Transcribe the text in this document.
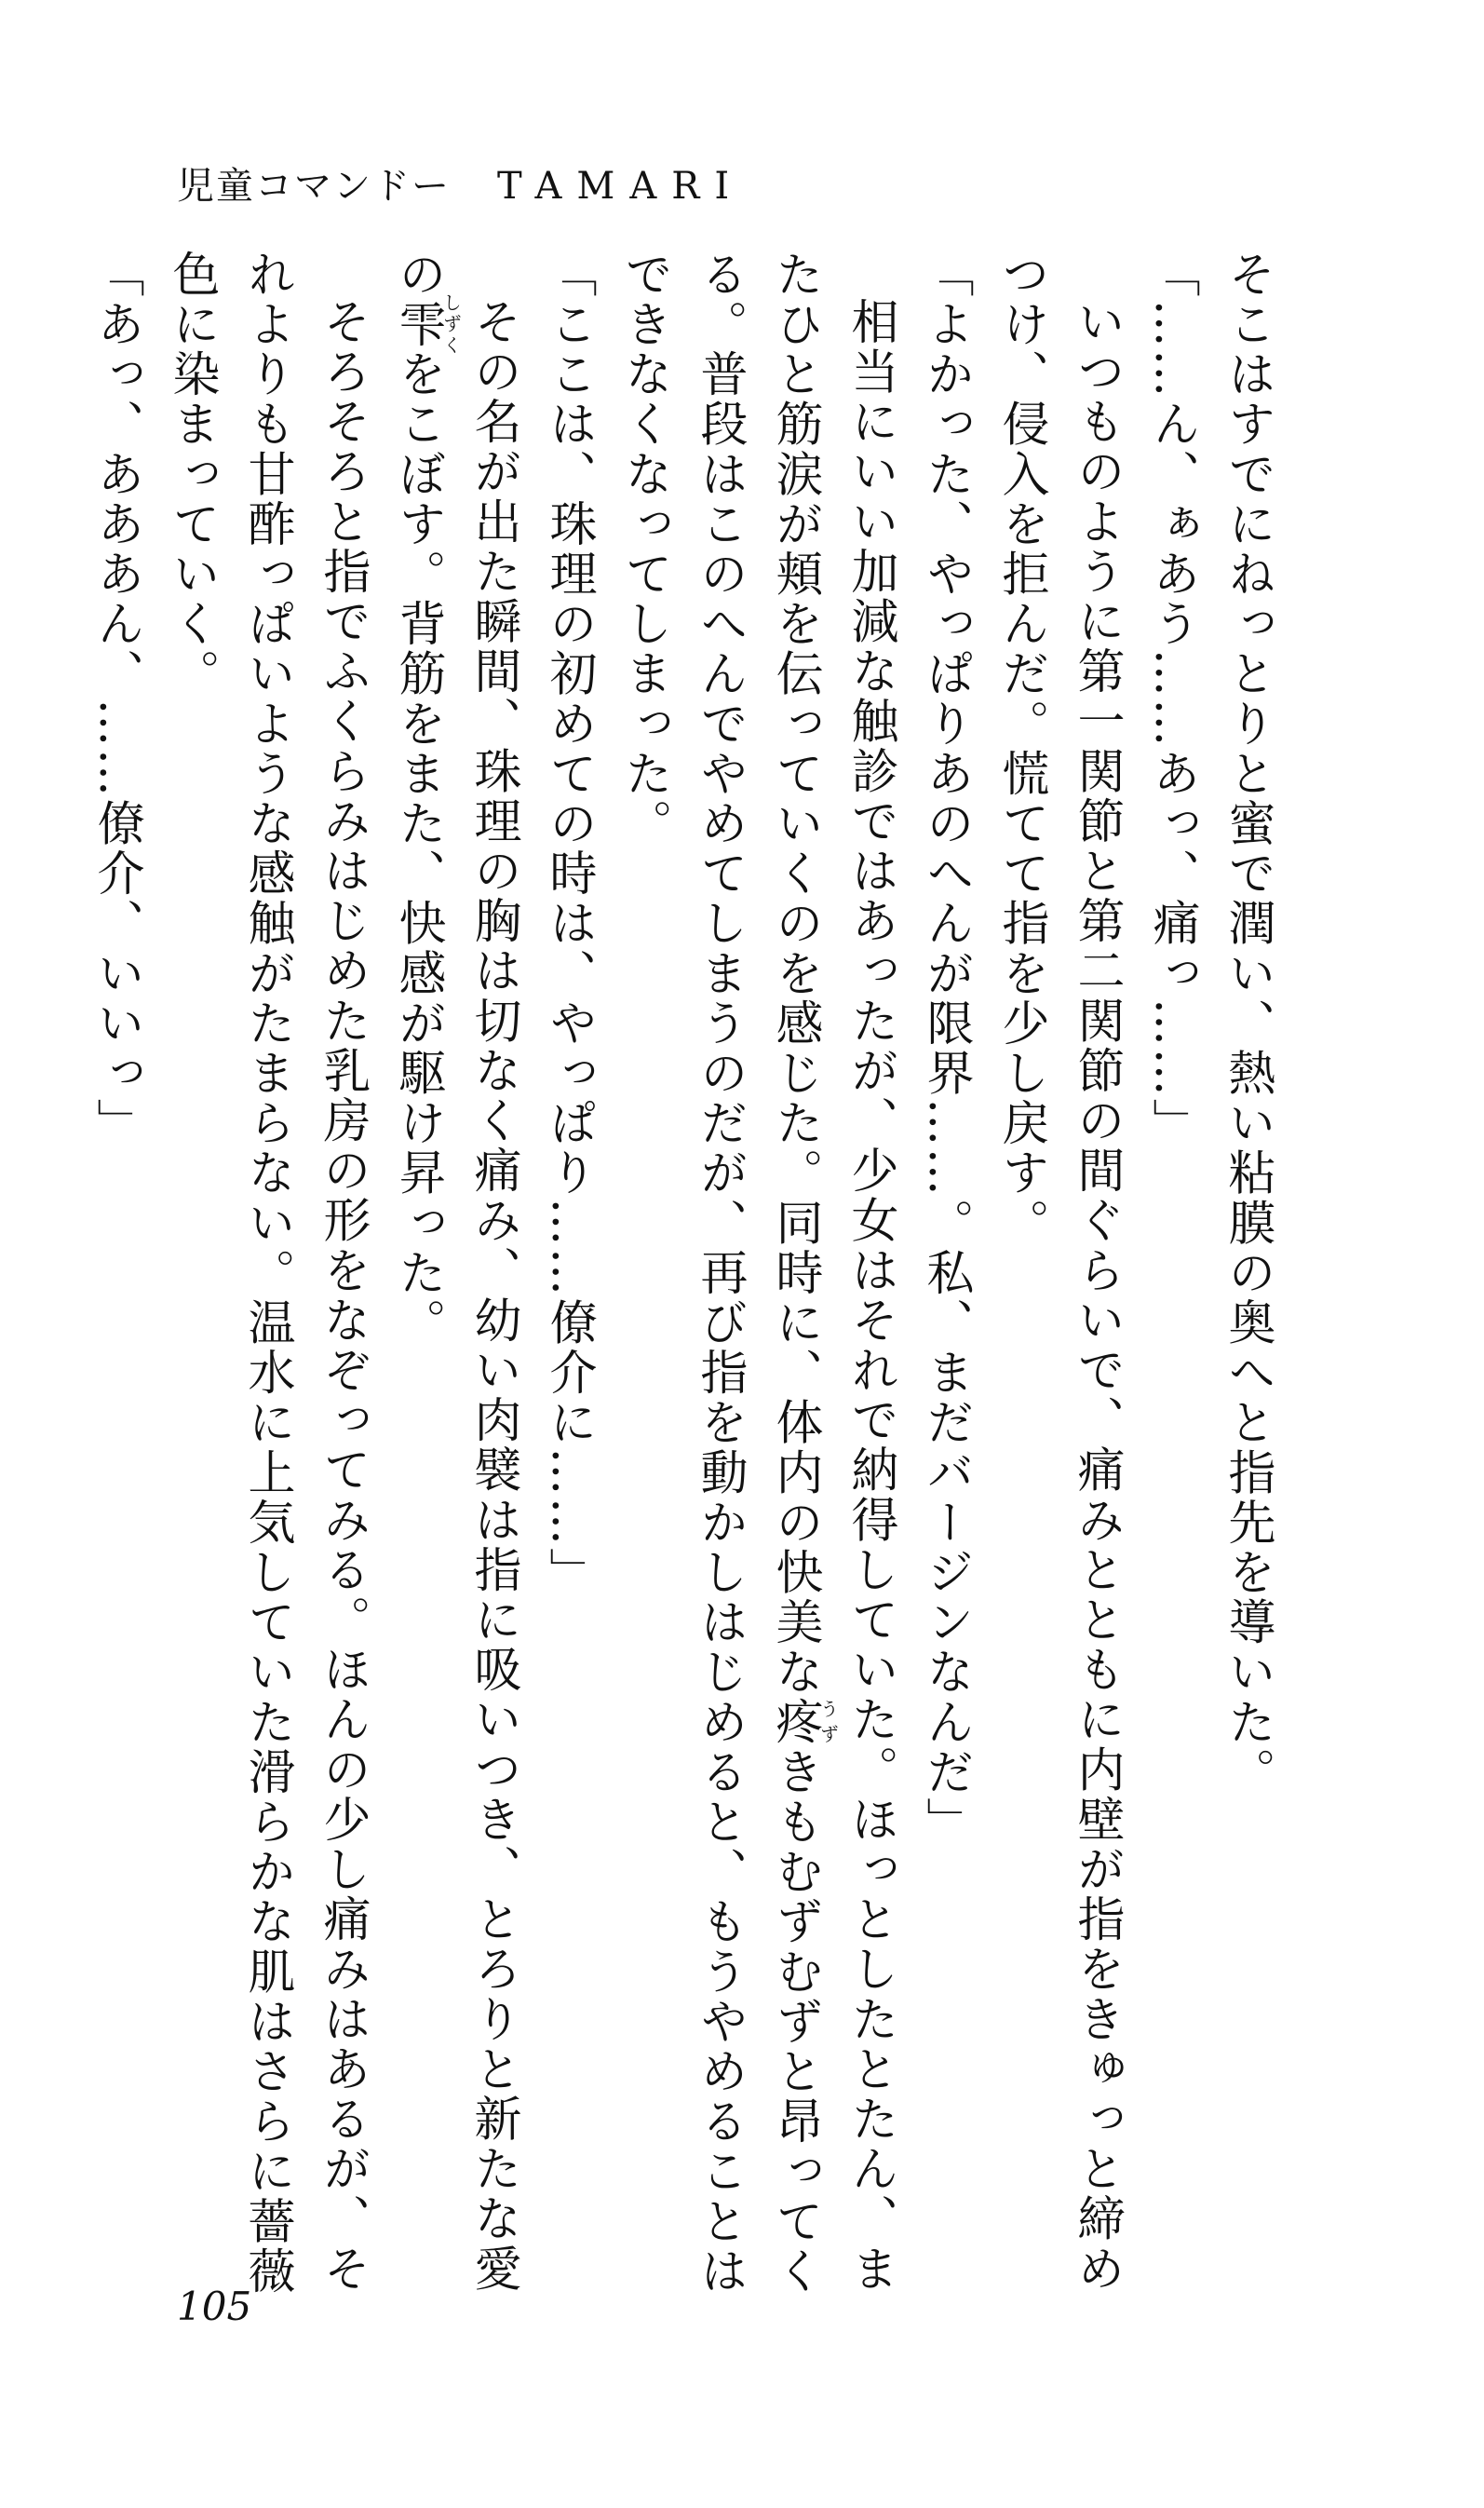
児童コマンドー TAMARI

そこはすでにねっとりと蜜で潤い、熱い粘膜の奥へと指先を導いた。

「……ん、ぁあう……あっ、痛っ……」

いつものように第一関節と第二関節の間ぐらいで、痛みとともに内壁が指をきゅっと締めつけ、侵入を拒んだ。慌てて指を少し戻す。

「よかった、やっぱりあのへんが限界……。私、まだバージンなんだ」

相当にいい加減な触診ではあったが、少女はそれで納得していた。ほっとしたとたん、またひと筋涙が頬を伝っていくのを感じた。同時に、体内の快美な疼うずきもむずむずと昂ってくる。普段はこのへんでやめてしまうのだが、再び指を動かしはじめると、もうやめることはできなくなってしまった。

「ここは、珠理の初めての時は、やっぱり……僚介に……」

その名が出た瞬間、珠理の胸は切なく痛み、幼い肉襞は指に吸いつき、とろりと新たな愛の雫しずくをこぼす。背筋をまた、快感が駆け昇った。

そろそろと指でふくらみはじめた乳房の形をなぞってみる。ほんの少し痛みはあるが、それよりも甘酢っぱいような感触がたまらない。温水に上気していた滑らかな肌はさらに薔薇色に染まっていく。

「あっ、あああん、……僚介、いいっ」

105
